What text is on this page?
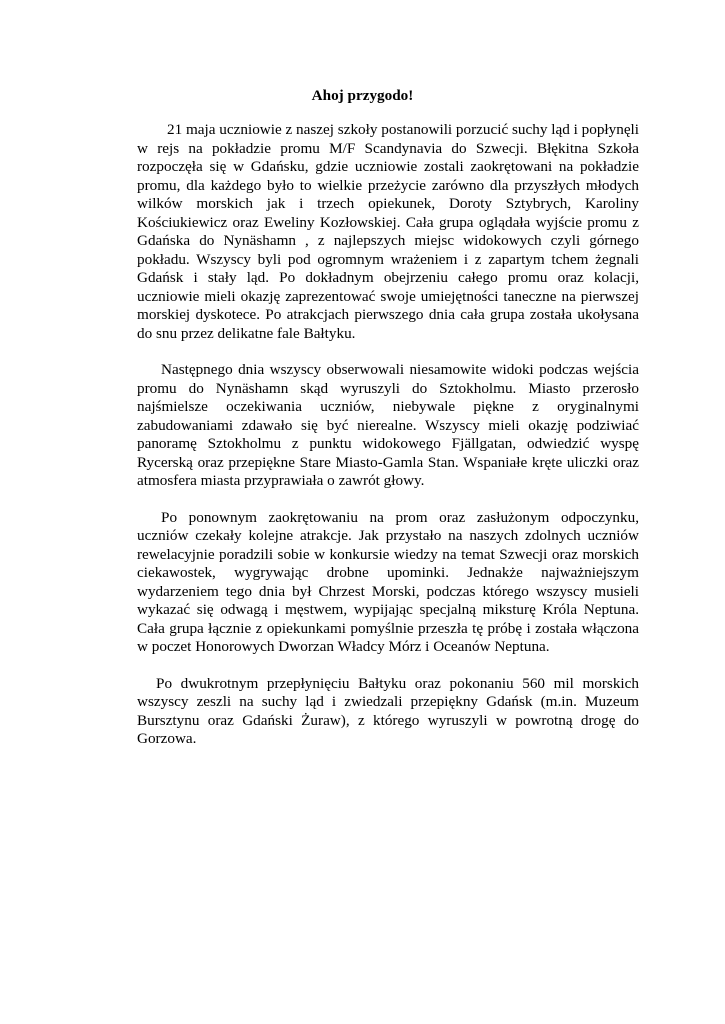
Ahoj przygodo!

21 maja uczniowie z naszej szkoły postanowili porzucić suchy ląd i popłynęli w rejs na pokładzie promu M/F Scandynavia do Szwecji. Błękitna Szkoła rozpoczęła się w Gdańsku, gdzie uczniowie zostali zaokrętowani na pokładzie promu, dla każdego było to wielkie przeżycie zarówno dla przyszłych młodych wilków morskich jak i trzech opiekunek, Doroty Sztybrych, Karoliny Kościukiewicz oraz Eweliny Kozłowskiej. Cała grupa oglądała wyjście promu z Gdańska do Nynäshamn , z najlepszych miejsc widokowych czyli górnego pokładu. Wszyscy byli pod ogromnym wrażeniem i z zapartym tchem żegnali Gdańsk i stały ląd. Po dokładnym obejrzeniu całego promu oraz kolacji, uczniowie mieli okazję zaprezentować swoje umiejętności taneczne na pierwszej morskiej dyskotece. Po atrakcjach pierwszego dnia cała grupa została ukołysana do snu przez delikatne fale Bałtyku.

Następnego dnia wszyscy obserwowali niesamowite widoki podczas wejścia promu do Nynäshamn skąd wyruszyli do Sztokholmu. Miasto przerosło najśmielsze oczekiwania uczniów, niebywale piękne z oryginalnymi zabudowaniami zdawało się być nierealne. Wszyscy mieli okazję podziwiać panoramę Sztokholmu z punktu widokowego Fjällgatan, odwiedzić wyspę Rycerską oraz przepiękne Stare Miasto-Gamla Stan. Wspaniałe kręte uliczki oraz atmosfera miasta przyprawiała o zawrót głowy.

Po ponownym zaokrętowaniu na prom oraz zasłużonym odpoczynku, uczniów czekały kolejne atrakcje. Jak przystało na naszych zdolnych uczniów rewelacyjnie poradzili sobie w konkursie wiedzy na temat Szwecji oraz morskich ciekawostek, wygrywając drobne upominki. Jednakże najważniejszym wydarzeniem tego dnia był Chrzest Morski, podczas którego wszyscy musieli wykazać się odwagą i męstwem, wypijając specjalną miksturę Króla Neptuna. Cała grupa łącznie z opiekunkami pomyślnie przeszła tę próbę i została włączona w poczet Honorowych Dworzan Władcy Mórz i Oceanów Neptuna.

Po dwukrotnym przepłynięciu Bałtyku oraz pokonaniu 560 mil morskich wszyscy zeszli na suchy ląd i zwiedzali przepiękny Gdańsk (m.in. Muzeum Bursztynu oraz Gdański Żuraw), z którego wyruszyli w powrotną drogę do Gorzowa.
